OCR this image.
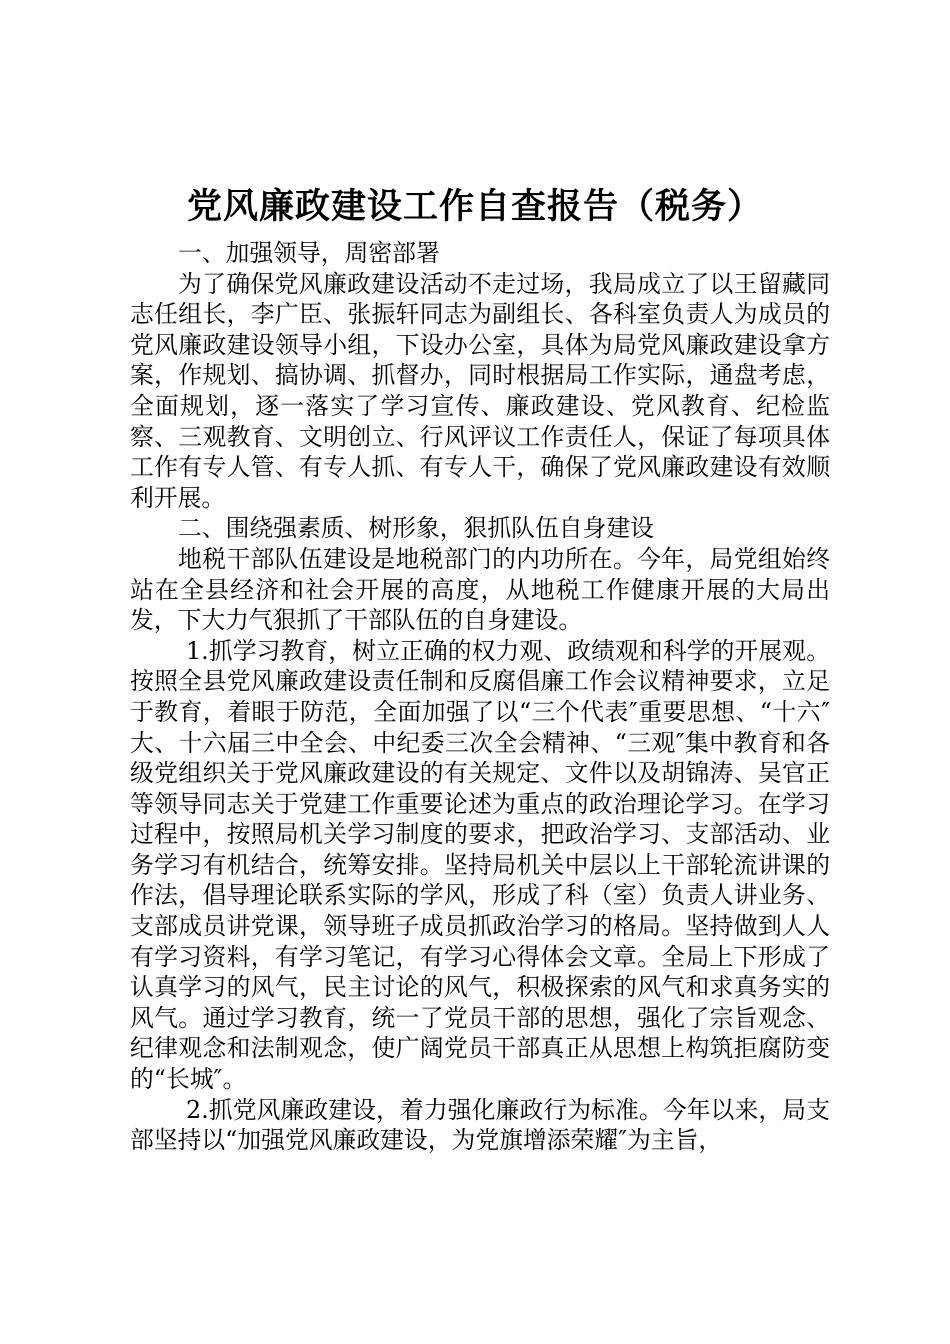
党风廉政建设工作自查报告（税务）

一、加强领导，周密部署

为了确保党风廉政建设活动不走过场，我局成立了以王留藏同志任组长，李广臣、张振轩同志为副组长、各科室负责人为成员的党风廉政建设领导小组，下设办公室，具体为局党风廉政建设拿方案，作规划、搞协调、抓督办，同时根据局工作实际，通盘考虑，全面规划，逐一落实了学习宣传、廉政建设、党风教育、纪检监察、三观教育、文明创立、行风评议工作责任人，保证了每项具体工作有专人管、有专人抓、有专人干，确保了党风廉政建设有效顺利开展。

二、围绕强素质、树形象，狠抓队伍自身建设

地税干部队伍建设是地税部门的内功所在。今年，局党组始终站在全县经济和社会开展的高度，从地税工作健康开展的大局出发，下大力气狠抓了干部队伍的自身建设。

1.抓学习教育，树立正确的权力观、政绩观和科学的开展观。按照全县党风廉政建设责任制和反腐倡廉工作会议精神要求，立足于教育，着眼于防范，全面加强了以“三个代表″重要思想、“十六″大、十六届三中全会、中纪委三次全会精神、“三观″集中教育和各级党组织关于党风廉政建设的有关规定、文件以及胡锦涛、吴官正等领导同志关于党建工作重要论述为重点的政治理论学习。在学习过程中，按照局机关学习制度的要求，把政治学习、支部活动、业务学习有机结合，统筹安排。坚持局机关中层以上干部轮流讲课的作法，倡导理论联系实际的学风，形成了科（室）负责人讲业务、支部成员讲党课，领导班子成员抓政治学习的格局。坚持做到人人有学习资料，有学习笔记，有学习心得体会文章。全局上下形成了认真学习的风气，民主讨论的风气，积极探索的风气和求真务实的风气。通过学习教育，统一了党员干部的思想，强化了宗旨观念、纪律观念和法制观念，使广阔党员干部真正从思想上构筑拒腐防变的“长城″。

2.抓党风廉政建设，着力强化廉政行为标准。今年以来，局支部坚持以“加强党风廉政建设，为党旗增添荣耀″为主旨，
